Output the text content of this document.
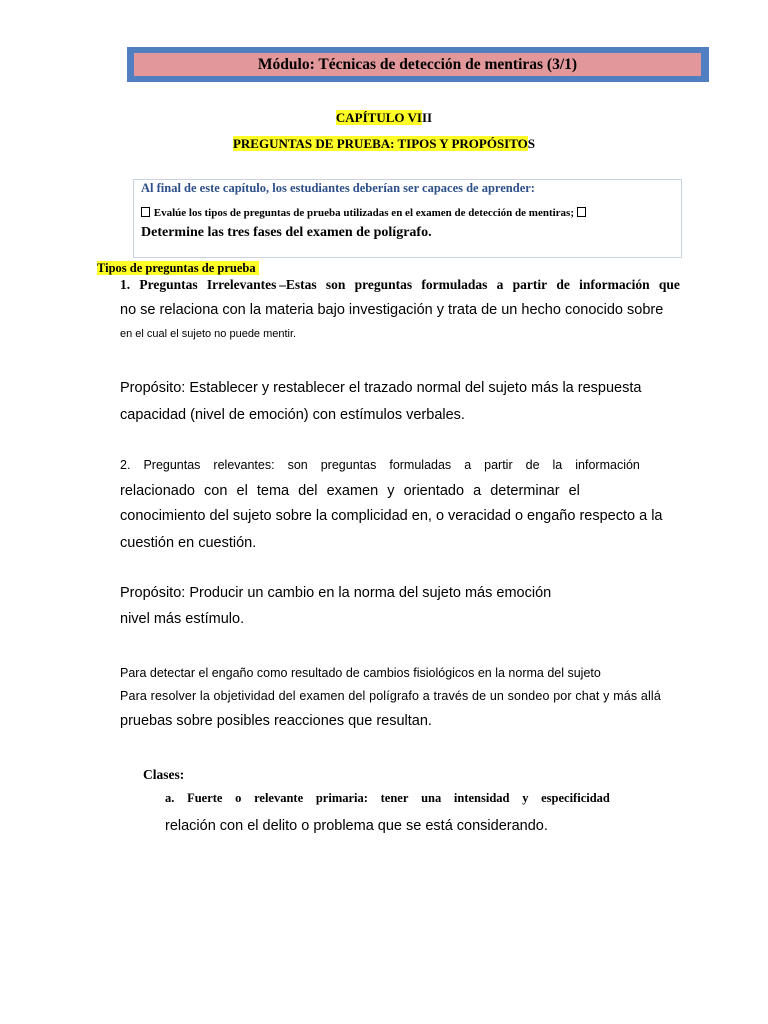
Módulo: Técnicas de detección de mentiras (3/1)
CAPÍTULO VIII
PREGUNTAS DE PRUEBA: TIPOS Y PROPÓSITOS
Al final de este capítulo, los estudiantes deberían ser capaces de aprender:
Evalúe los tipos de preguntas de prueba utilizadas en el examen de detección de mentiras;
Determine las tres fases del examen de polígrafo.
Tipos de preguntas de prueba
1. Preguntas Irrelevantes –Estas son preguntas formuladas a partir de información que
no se relaciona con la materia bajo investigación y trata de un hecho conocido sobre
en el cual el sujeto no puede mentir.
Propósito: Establecer y restablecer el trazado normal del sujeto más la respuesta
capacidad (nivel de emoción) con estímulos verbales.
2. Preguntas relevantes: son preguntas formuladas a partir de la información
relacionado con el tema del examen y orientado a determinar el
conocimiento del sujeto sobre la complicidad en, o veracidad o engaño respecto a la
cuestión en cuestión.
Propósito: Producir un cambio en la norma del sujeto más emoción
nivel más estímulo.
Para detectar el engaño como resultado de cambios fisiológicos en la norma del sujeto
Para resolver la objetividad del examen del polígrafo a través de un sondeo por chat y más allá
pruebas sobre posibles reacciones que resultan.
Clases:
a. Fuerte o relevante primaria: tener una intensidad y especificidad
relación con el delito o problema que se está considerando.
